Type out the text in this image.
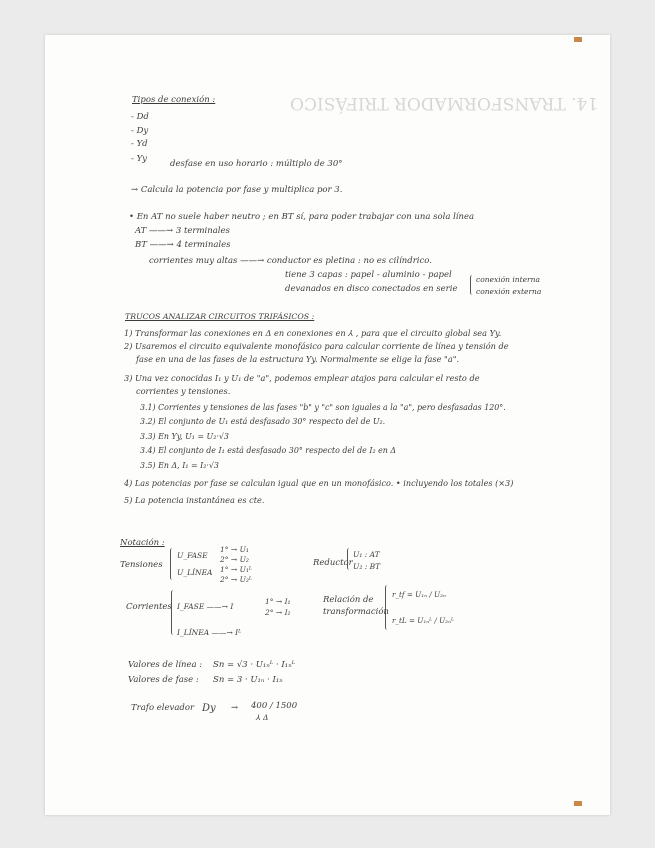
14. TRANSFORMADOR TRIFÁSICO
Tipos de conexión :
- Dd
- Dy
- Yd
- Yy	desfase en uso horario : múltiplo de 30°
→ Calcula la potencia por fase y multiplica por 3.
• En AT no suele haber neutro ; en BT sí, para poder trabajar con una sola línea
AT ——→ 3 terminales
BT ——→ 4 terminales
corrientes muy altas ——→ conductor es pletina : no es cilíndrico.
tiene 3 capas : papel - aluminio - papel
devanados en disco conectados en serie
conexión interna
conexión externa
TRUCOS ANALIZAR CIRCUITOS TRIFÁSICOS :
1) Transformar las conexiones en Δ en conexiones en ⅄ , para que el circuito global sea Yy.
2) Usaremos el circuito equivalente monofásico para calcular corriente de línea y tensión de
fase en una de las fases de la estructura Yy. Normalmente se elige la fase "a".
3) Una vez conocidas I₁ y U₁ de "a", podemos emplear atajos para calcular el resto de
corrientes y tensiones.
3.1) Corrientes y tensiones de las fases "b" y "c" son iguales a la "a", pero desfasadas 120°.
3.2) El conjunto de U₁ está desfasado 30° respecto del de U₂.
3.3) En Yy, U₁ = U₂·√3
3.4) El conjunto de I₁ está desfasado 30° respecto del de I₂ en Δ
3.5) En Δ, I₁ = I₂·√3
4) Las potencias por fase se calculan igual que en un monofásico. • incluyendo los totales (×3)
5) La potencia instantánea es cte.
Notación :
Tensiones
U_FASE
U_LÍNEA
1° → U₁
2° → U₂
1° → U₁ᴸ
2° → U₂ᴸ
Reductor
U₁ : AT
U₂ : BT
Corrientes I_FASE ——→ I
1° → I₁
2° → I₂
I_LÍNEA ——→ Iᴸ
Relación de
transformación
r_tf = U₁ₙ / U₂ₙ
r_tL = U₁ₙᴸ / U₂ₙᴸ
Valores de línea : Sn = √3 · U₁ₙᴸ · I₁ₙᴸ
Valores de fase : Sn = 3 · U₁ₙ · I₁ₙ
Trafo elevador Dy → 400 / 1500
⅄ Δ
